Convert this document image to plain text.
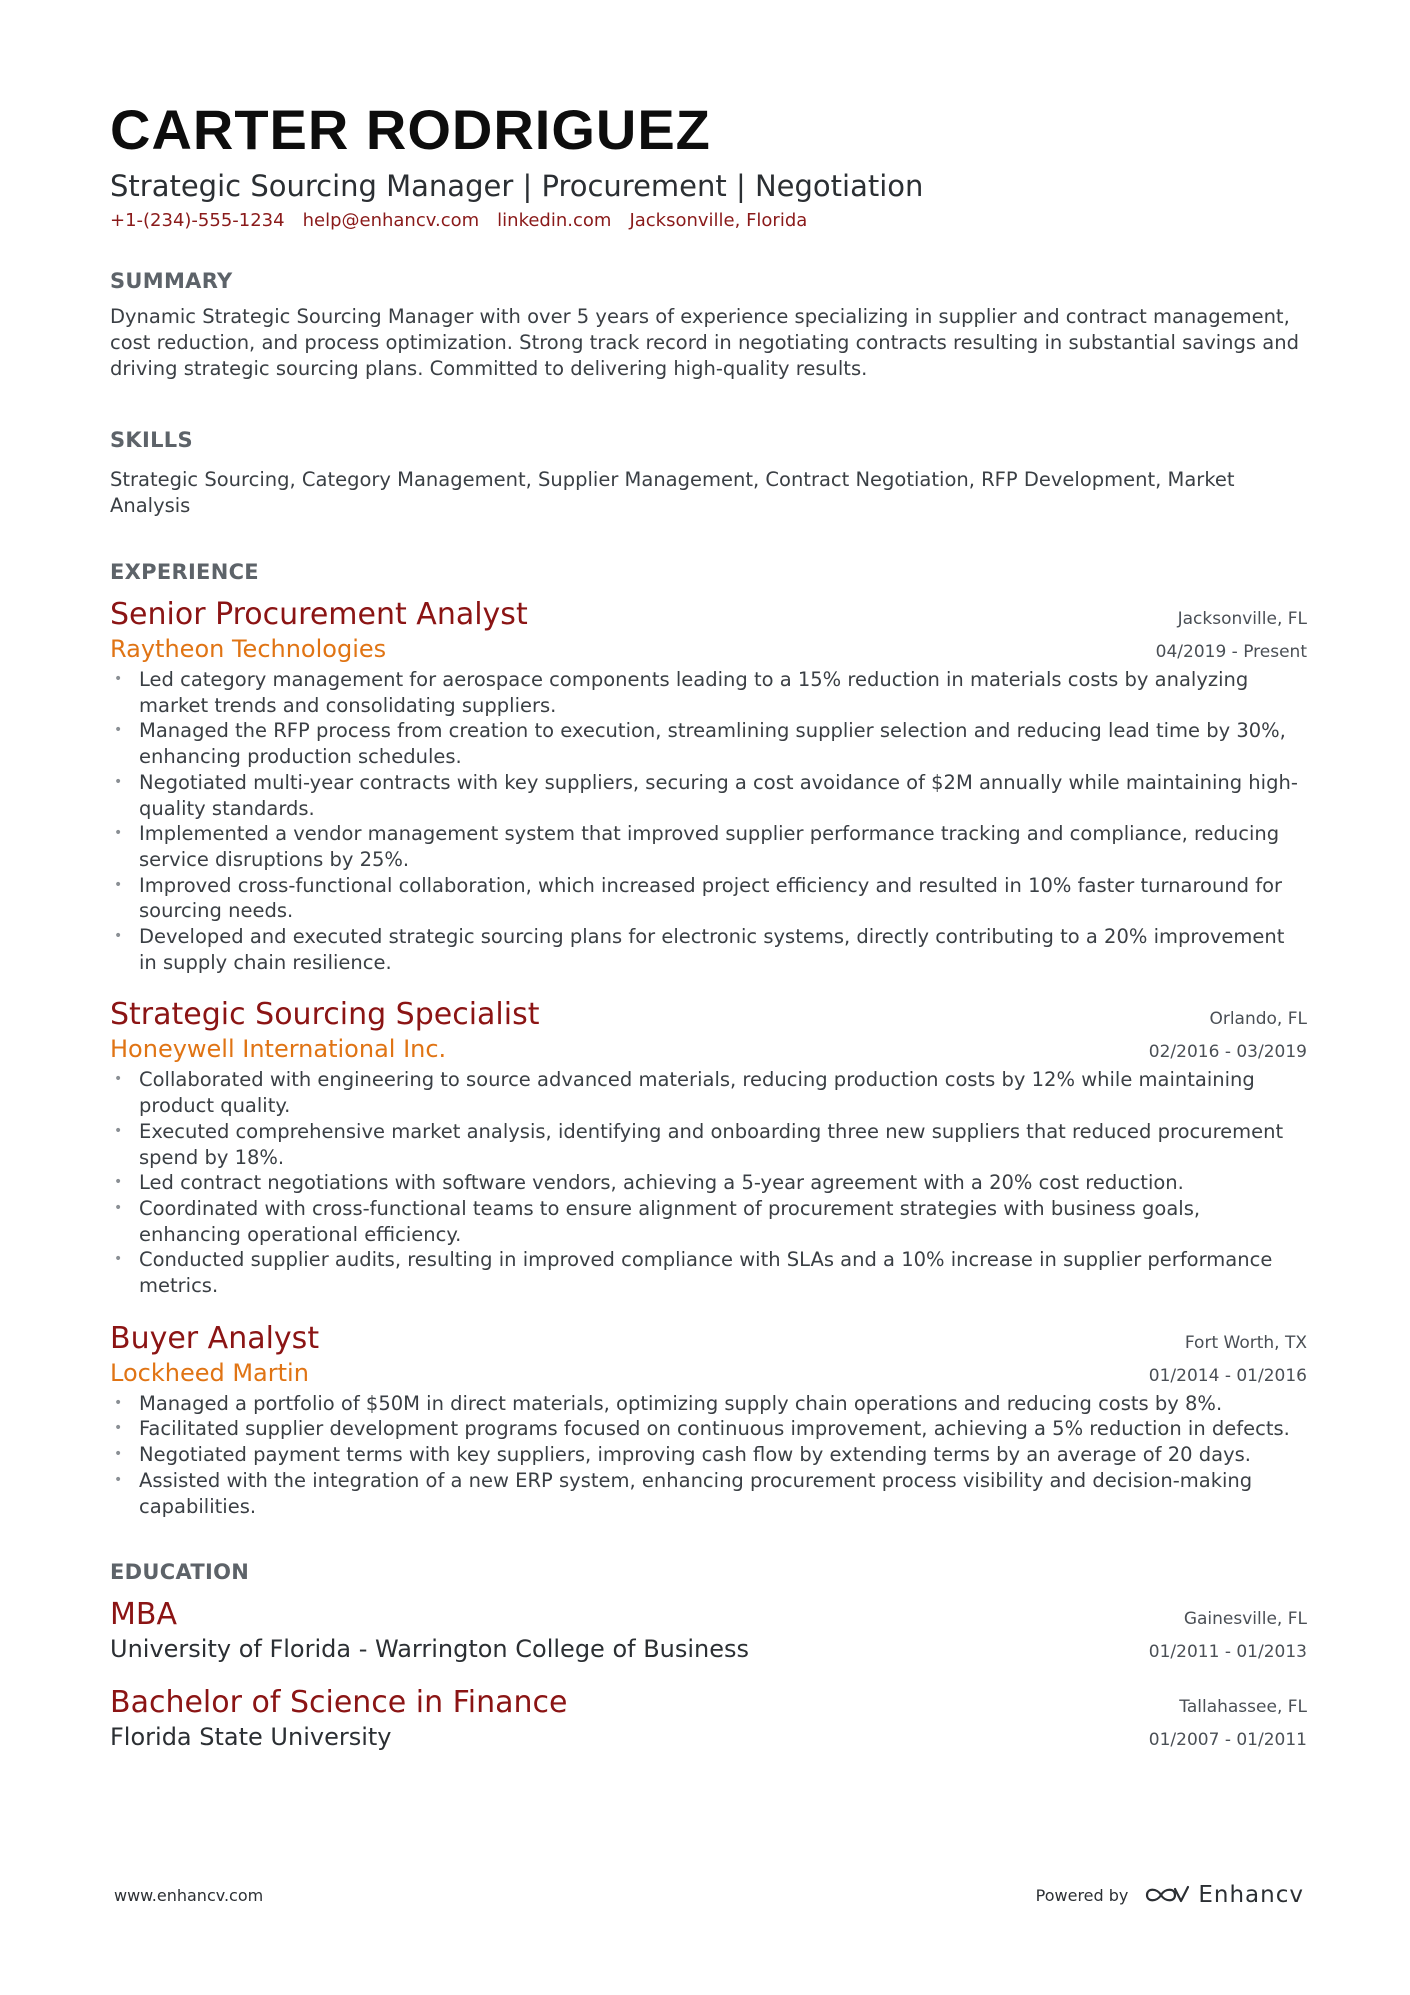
CARTER RODRIGUEZ
Strategic Sourcing Manager | Procurement | Negotiation
+1-(234)-555-1234 help@enhancv.com linkedin.com Jacksonville, Florida
SUMMARY

Dynamic Strategic Sourcing Manager with over 5 years of experience specializing in supplier and contract management, cost reduction, and process optimization. Strong track record in negotiating contracts resulting in substantial savings and driving strategic sourcing plans. Committed to delivering high-quality results.

SKILLS

Strategic Sourcing, Category Management, Supplier Management, Contract Negotiation, RFP Development, Market Analysis

EXPERIENCE
Senior Procurement Analyst	Jacksonville, FL
Raytheon Technologies	04/2019 - Present
• Led category management for aerospace components leading to a 15% reduction in materials costs by analyzing market trends and consolidating suppliers.
• Managed the RFP process from creation to execution, streamlining supplier selection and reducing lead time by 30%, enhancing production schedules.
• Negotiated multi-year contracts with key suppliers, securing a cost avoidance of $2M annually while maintaining high-quality standards.
• Implemented a vendor management system that improved supplier performance tracking and compliance, reducing service disruptions by 25%.
• Improved cross-functional collaboration, which increased project efficiency and resulted in 10% faster turnaround for sourcing needs.
• Developed and executed strategic sourcing plans for electronic systems, directly contributing to a 20% improvement in supply chain resilience.
Strategic Sourcing Specialist	Orlando, FL
Honeywell International Inc.	02/2016 - 03/2019
• Collaborated with engineering to source advanced materials, reducing production costs by 12% while maintaining product quality.
• Executed comprehensive market analysis, identifying and onboarding three new suppliers that reduced procurement spend by 18%.
• Led contract negotiations with software vendors, achieving a 5-year agreement with a 20% cost reduction.
• Coordinated with cross-functional teams to ensure alignment of procurement strategies with business goals, enhancing operational efficiency.
• Conducted supplier audits, resulting in improved compliance with SLAs and a 10% increase in supplier performance metrics.
Buyer Analyst	Fort Worth, TX
Lockheed Martin	01/2014 - 01/2016
• Managed a portfolio of $50M in direct materials, optimizing supply chain operations and reducing costs by 8%.
• Facilitated supplier development programs focused on continuous improvement, achieving a 5% reduction in defects.
• Negotiated payment terms with key suppliers, improving cash flow by extending terms by an average of 20 days.
• Assisted with the integration of a new ERP system, enhancing procurement process visibility and decision-making capabilities.
EDUCATION
MBA	Gainesville, FL
University of Florida - Warrington College of Business	01/2011 - 01/2013
Bachelor of Science in Finance	Tallahassee, FL
Florida State University	01/2007 - 01/2011
www.enhancv.com	Powered by	Enhancv
